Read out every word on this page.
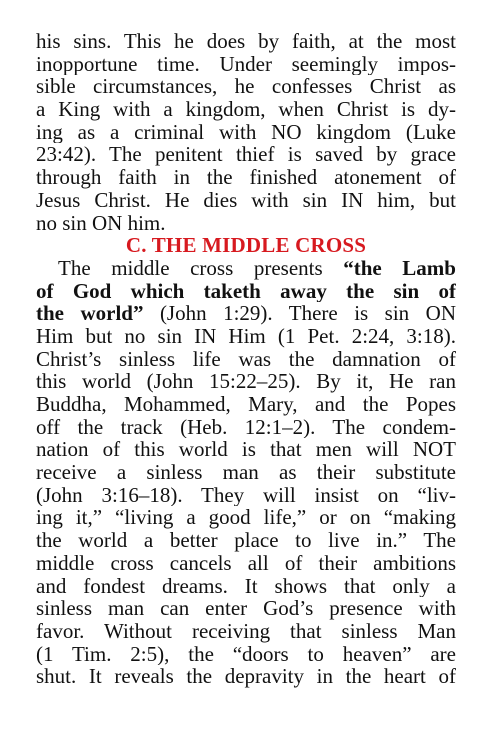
his sins. This he does by faith, at the most
inopportune time. Under seemingly impos-
sible circumstances, he confesses Christ as
a King with a kingdom, when Christ is dy-
ing as a criminal with NO kingdom (Luke
23:42). The penitent thief is saved by grace
through faith in the finished atonement of
Jesus Christ. He dies with sin IN him, but
no sin ON him.
C. THE MIDDLE CROSS
The middle cross presents “the Lamb
of God which taketh away the sin of
the world” (John 1:29). There is sin ON
Him but no sin IN Him (1 Pet. 2:24, 3:18).
Christ’s sinless life was the damnation of
this world (John 15:22–25). By it, He ran
Buddha, Mohammed, Mary, and the Popes
off the track (Heb. 12:1–2). The condem-
nation of this world is that men will NOT
receive a sinless man as their substitute
(John 3:16–18). They will insist on “liv-
ing it,” “living a good life,” or on “making
the world a better place to live in.” The
middle cross cancels all of their ambitions
and fondest dreams. It shows that only a
sinless man can enter God’s presence with
favor. Without receiving that sinless Man
(1 Tim. 2:5), the “doors to heaven” are
shut. It reveals the depravity in the heart of
